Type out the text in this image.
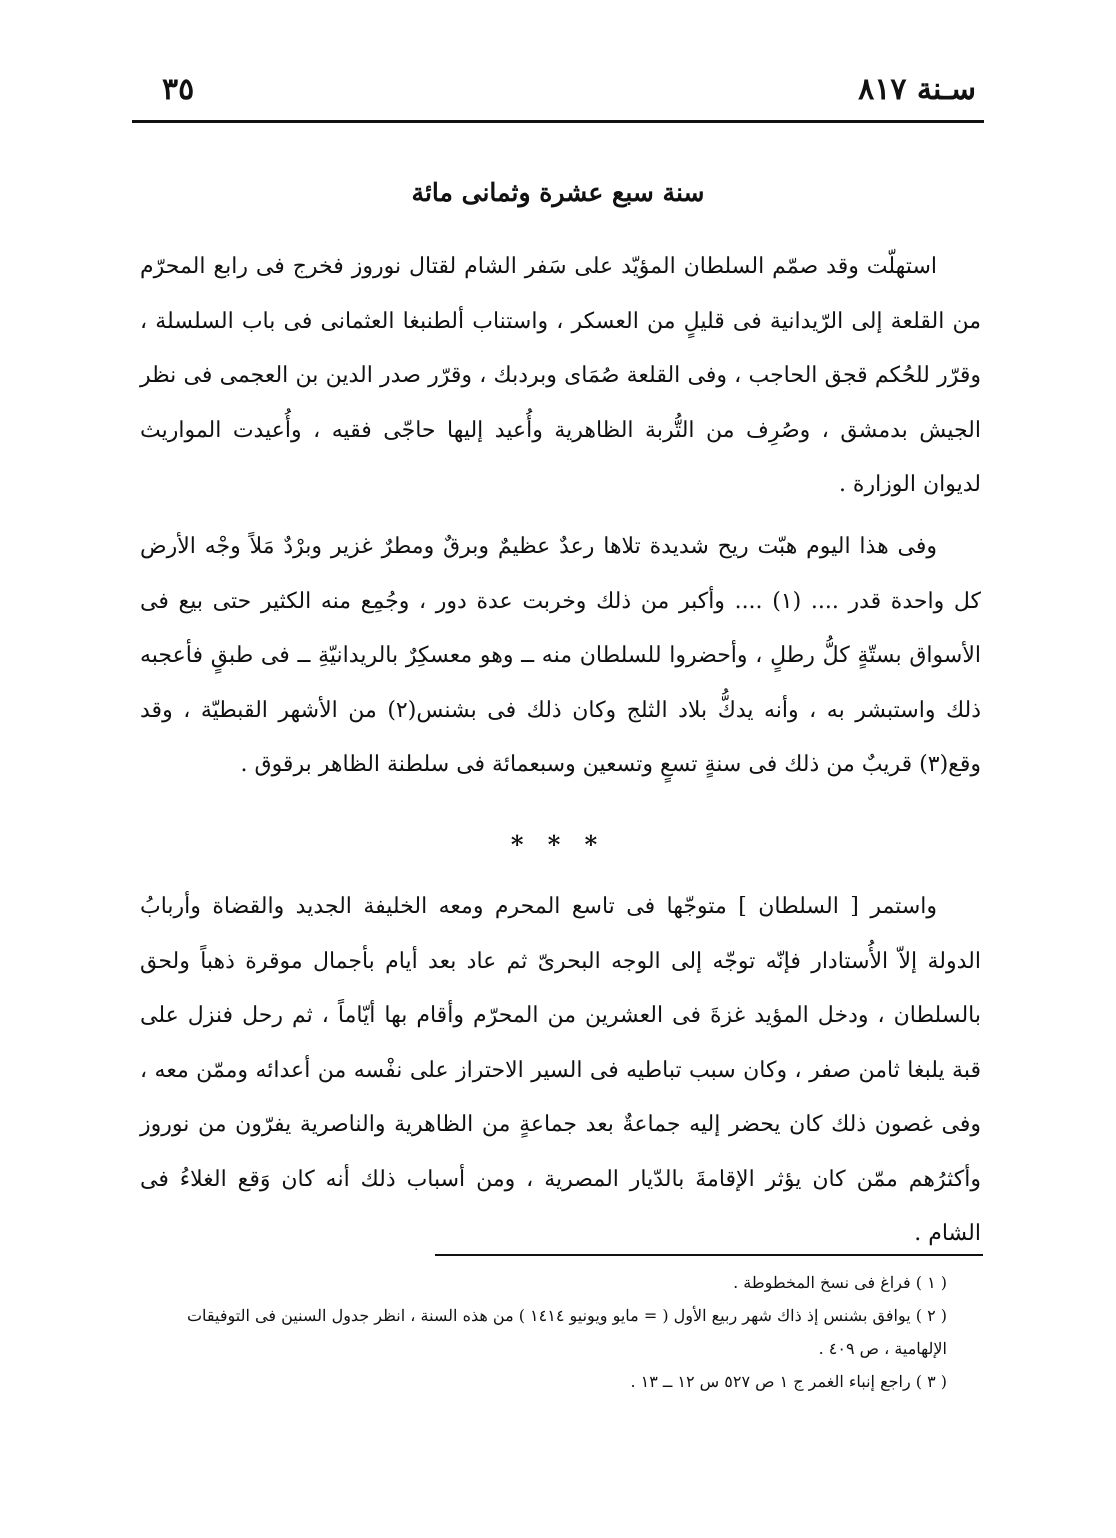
سـنة ٨١٧
٣٥
سنة سبع عشرة وثمانى مائة

استهلّت وقد صمّم السلطان المؤيّد على سَفر الشام لقتال نوروز فخرج فى رابع المحرّم من القلعة إلى الرّيدانية فى قليلٍ من العسكر ، واستناب ألطنبغا العثمانى فى باب السلسلة ، وقرّر للحُكم قجق الحاجب ، وفى القلعة صُمَاى وبردبك ، وقرّر صدر الدين بن العجمى فى نظر الجيش بدمشق ، وصُرِف من التُّربة الظاهرية وأُعيد إليها حاجّى فقيه ، وأُعيدت المواريث لديوان الوزارة .

وفى هذا اليوم هبّت ريح شديدة تلاها رعدٌ عظيمٌ وبرقٌ ومطرٌ غزير وبرْدٌ مَلاً وجْه الأرض كل واحدة قدر .... (١) .... وأكبر من ذلك وخربت عدة دور ، وجُمِع منه الكثير حتى بيع فى الأسواق بستّةٍ كلُّ رطلٍ ، وأحضروا للسلطان منه ــ وهو معسكِرٌ بالريدانيّةِ ــ فى طبقٍ فأعجبه ذلك واستبشر به ، وأنه يدكُّ بلاد الثلج وكان ذلك فى بشنس(٢) من الأشهر القبطيّة ، وقد وقع(٣) قريبٌ من ذلك فى سنةٍ تسعٍ وتسعين وسبعمائة فى سلطنة الظاهر برقوق .

* * *

واستمر [ السلطان ] متوجّها فى تاسع المحرم ومعه الخليفة الجديد والقضاة وأربابُ الدولة إلاّ الأُستادار فإنّه توجّه إلى الوجه البحرىّ ثم عاد بعد أيام بأجمال موقرة ذهباً ولحق بالسلطان ، ودخل المؤيد غزةَ فى العشرين من المحرّم وأقام بها أيّاماً ، ثم رحل فنزل على قبة يلبغا ثامن صفر ، وكان سبب تباطيه فى السير الاحتراز على نفْسه من أعدائه وممّن معه ، وفى غصون ذلك كان يحضر إليه جماعةٌ بعد جماعةٍ من الظاهرية والناصرية يفرّون من نوروز وأكثرُهم ممّن كان يؤثر الإقامةَ بالدّيار المصرية ، ومن أسباب ذلك أنه كان وَقع الغلاءُ فى الشام .

( ١ ) فراغ فى نسخ المخطوطة .

( ٢ ) يوافق بشنس إذ ذاك شهر ربيع الأول ( = مايو ويونيو ١٤١٤ ) من هذه السنة ، انظر جدول السنين فى التوفيقات الإلهامية ، ص ٤٠٩ .

( ٣ ) راجع إنباء الغمر ج ١ ص ٥٢٧ س ١٢ ــ ١٣ .
